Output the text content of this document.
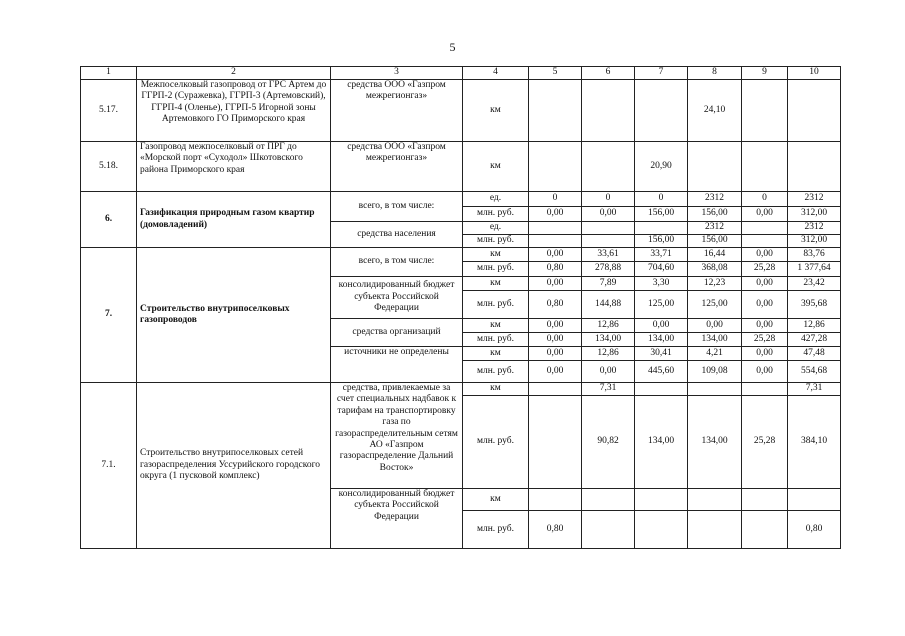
5
1	2	3	4	5	6	7	8	9	10
5.17.	Межпоселковый газопровод от ГРС Артем до ГГРП-2 (Суражевка), ГГРП-3 (Артемовский), ГГРП-4 (Оленье), ГГРП-5 Игорной зоны Артемовкого ГО Приморского края	средства ООО «Газпром межрегионгаз»	км				24,10		
5.18.	Газопровод межпоселковый от ПРГ до «Морской порт «Суходол» Шкотовского района Приморского края	средства ООО «Газпром межрегионгаз»	км			20,90			
6.	Газификация природным газом квартир (домовладений)	всего, в том числе:	ед.	0	0	0	2312	0	2312
			млн. руб.	0,00	0,00	156,00	156,00	0,00	312,00
		средства населения	ед.				2312		2312
			млн. руб.			156,00	156,00		312,00
7.	Строительство внутрипоселковых газопроводов	всего, в том числе:	км	0,00	33,61	33,71	16,44	0,00	83,76
			млн. руб.	0,80	278,88	704,60	368,08	25,28	1 377,64
		консолидированный бюджет субъекта Российской Федерации	км	0,00	7,89	3,30	12,23	0,00	23,42
			млн. руб.	0,80	144,88	125,00	125,00	0,00	395,68
		средства организаций	км	0,00	12,86	0,00	0,00	0,00	12,86
			млн. руб.	0,00	134,00	134,00	134,00	25,28	427,28
		источники не определены	км	0,00	12,86	30,41	4,21	0,00	47,48
			млн. руб.	0,00	0,00	445,60	109,08	0,00	554,68
7.1.	Строительство внутрипоселковых сетей газораспределения Уссурийского городского округа (1 пусковой комплекс)	средства, привлекаемые за счет специальных надбавок к тарифам на транспортировку газа по газораспределительным сетям АО «Газпром газораспределение Дальний Восток»	км		7,31				7,31
			млн. руб.		90,82	134,00	134,00	25,28	384,10
		консолидированный бюджет субъекта Российской Федерации	км						
			млн. руб.	0,80					0,80
